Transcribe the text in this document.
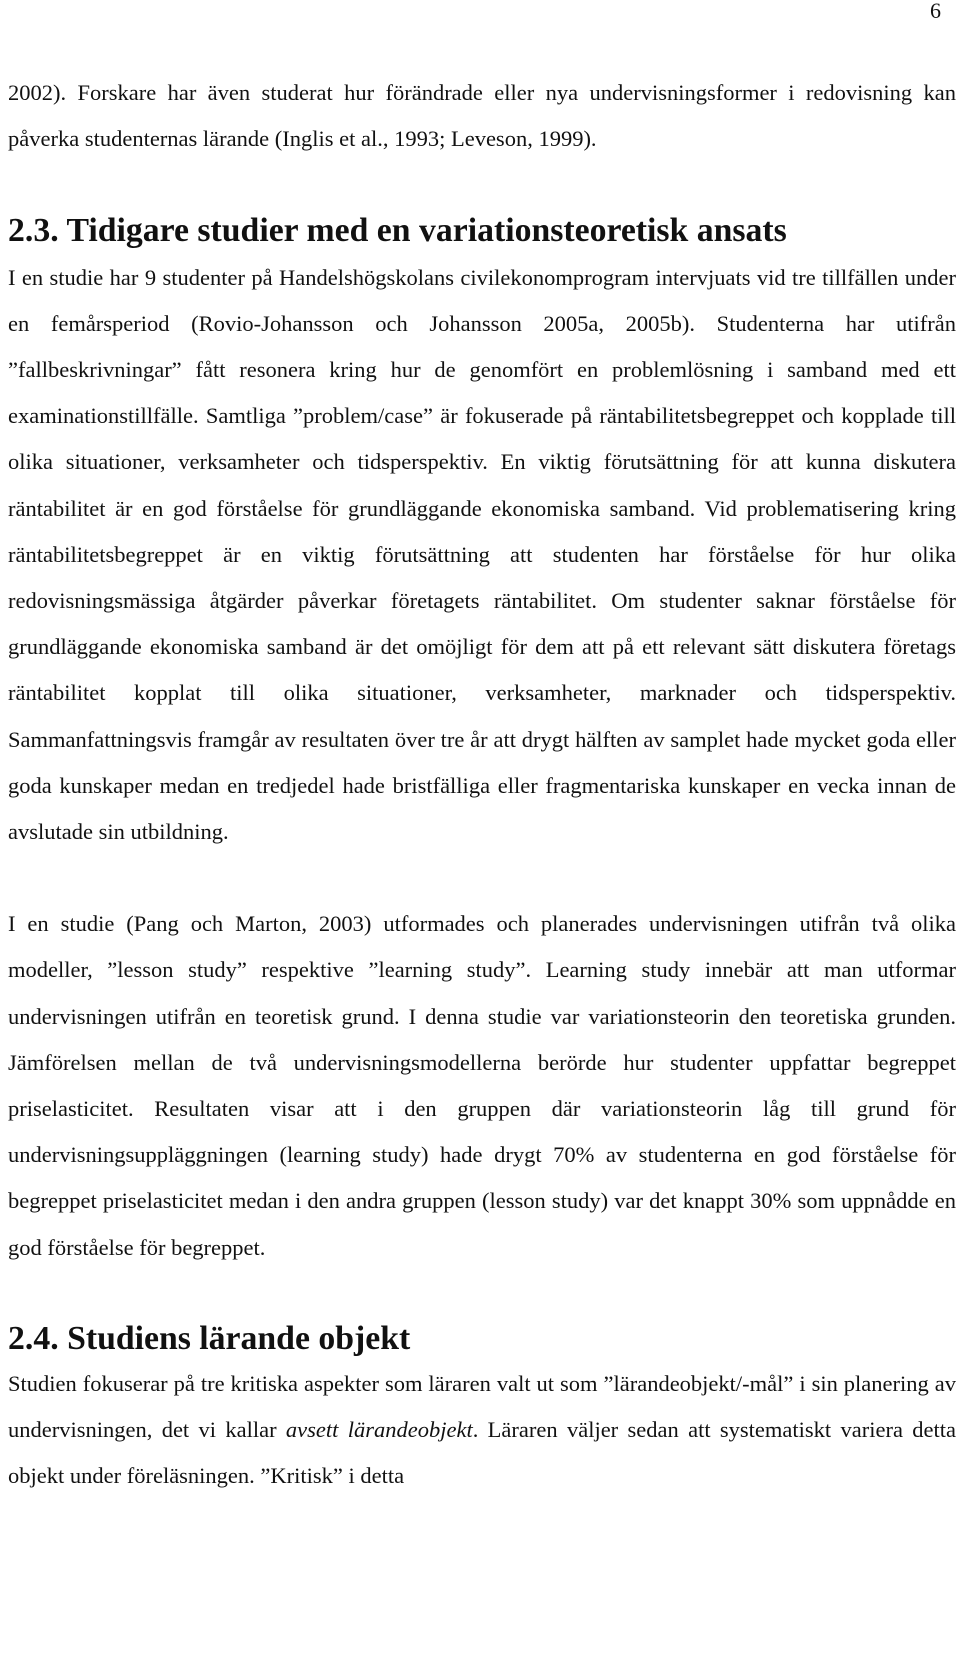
6

2002). Forskare har även studerat hur förändrade eller nya undervisningsformer i redovisning kan påverka studenternas lärande (Inglis et al., 1993; Leveson, 1999).

2.3. Tidigare studier med en variationsteoretisk ansats

I en studie har 9 studenter på Handelshögskolans civilekonomprogram intervjuats vid tre tillfällen under en femårsperiod (Rovio-Johansson och Johansson 2005a, 2005b). Studenterna har utifrån ”fallbeskrivningar” fått resonera kring hur de genomfört en problemlösning i samband med ett examinationstillfälle. Samtliga ”problem/case” är fokuserade på räntabilitetsbegreppet och kopplade till olika situationer, verksamheter och tidsperspektiv. En viktig förutsättning för att kunna diskutera räntabilitet är en god förståelse för grundläggande ekonomiska samband. Vid problematisering kring räntabilitetsbegreppet är en viktig förutsättning att studenten har förståelse för hur olika redovisningsmässiga åtgärder påverkar företagets räntabilitet. Om studenter saknar förståelse för grundläggande ekonomiska samband är det omöjligt för dem att på ett relevant sätt diskutera företags räntabilitet kopplat till olika situationer, verksamheter, marknader och tidsperspektiv. Sammanfattningsvis framgår av resultaten över tre år att drygt hälften av samplet hade mycket goda eller goda kunskaper medan en tredjedel hade bristfälliga eller fragmentariska kunskaper en vecka innan de avslutade sin utbildning.

I en studie (Pang och Marton, 2003) utformades och planerades undervisningen utifrån två olika modeller, ”lesson study” respektive ”learning study”. Learning study innebär att man utformar undervisningen utifrån en teoretisk grund. I denna studie var variationsteorin den teoretiska grunden. Jämförelsen mellan de två undervisningsmodellerna berörde hur studenter uppfattar begreppet priselasticitet. Resultaten visar att i den gruppen där variationsteorin låg till grund för undervisningsuppläggningen (learning study) hade drygt 70% av studenterna en god förståelse för begreppet priselasticitet medan i den andra gruppen (lesson study) var det knappt 30% som uppnådde en god förståelse för begreppet.

2.4. Studiens lärande objekt

Studien fokuserar på tre kritiska aspekter som läraren valt ut som ”lärandeobjekt/-mål” i sin planering av undervisningen, det vi kallar avsett lärandeobjekt. Läraren väljer sedan att systematiskt variera detta objekt under föreläsningen. ”Kritisk” i detta
